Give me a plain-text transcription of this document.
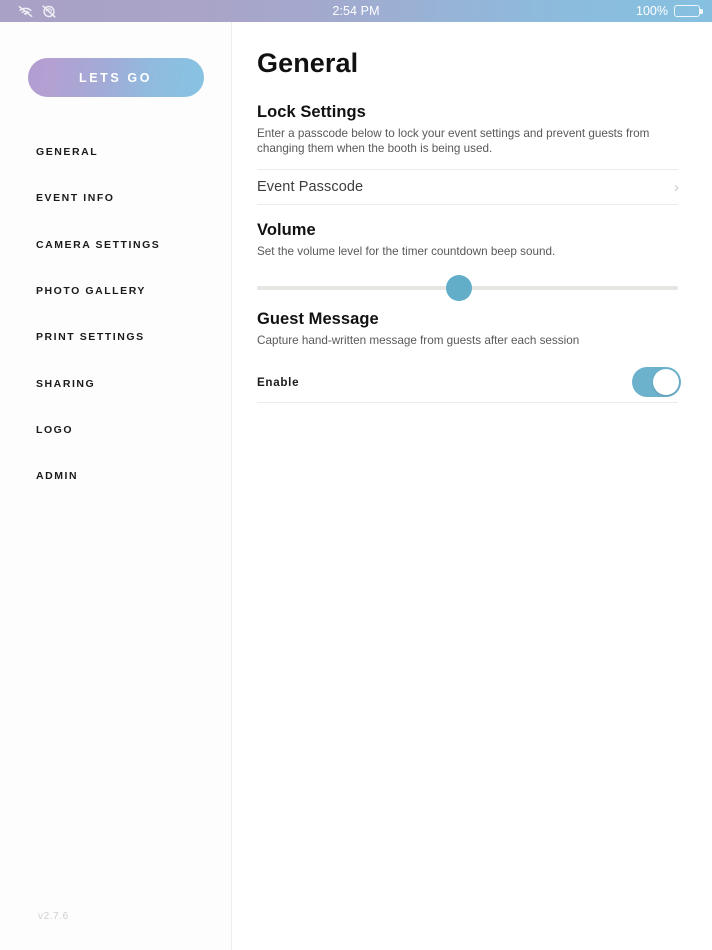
2:54 PM	100%
LETS GO
GENERAL
EVENT INFO
CAMERA SETTINGS
PHOTO GALLERY
PRINT SETTINGS
SHARING
LOGO
ADMIN
v2.7.6
General
Lock Settings
Enter a passcode below to lock your event settings and prevent guests from changing them when the booth is being used.
Event Passcode	›
Volume
Set the volume level for the timer countdown beep sound.
Guest Message
Capture hand-written message from guests after each session
Enable
